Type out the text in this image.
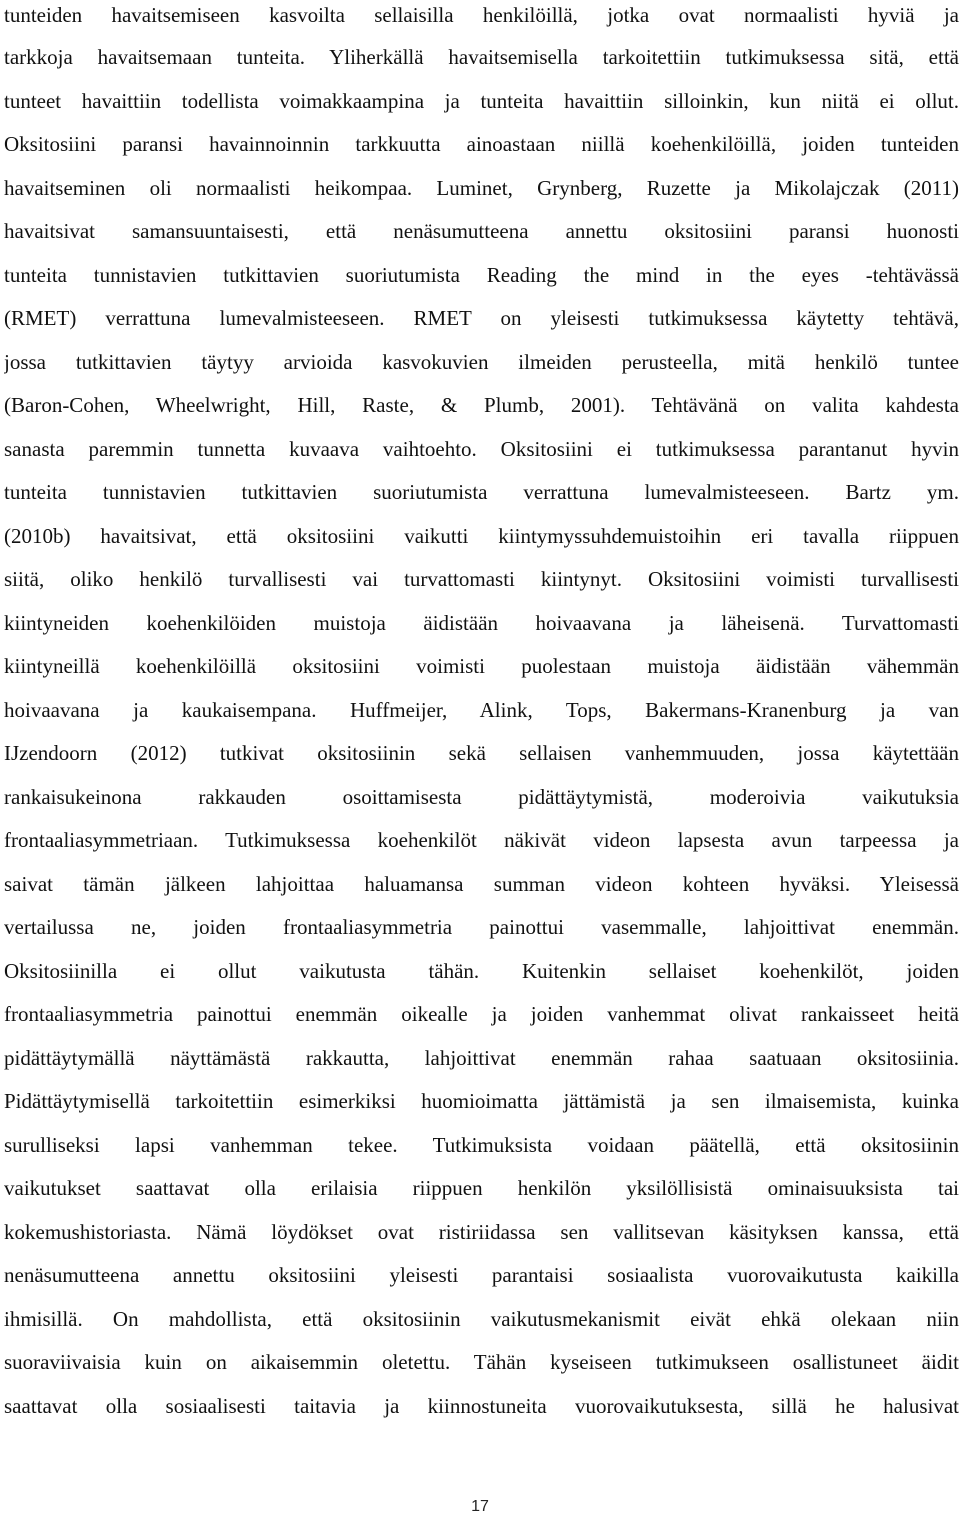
tunteiden havaitsemiseen kasvoilta sellaisilla henkilöillä, jotka ovat normaalisti hyviä ja
tarkkoja havaitsemaan tunteita. Yliherkällä havaitsemisella tarkoitettiin tutkimuksessa sitä, että
tunteet havaittiin todellista voimakkaampina ja tunteita havaittiin silloinkin, kun niitä ei ollut.
Oksitosiini paransi havainnoinnin tarkkuutta ainoastaan niillä koehenkilöillä, joiden tunteiden
havaitseminen oli normaalisti heikompaa. Luminet, Grynberg, Ruzette ja Mikolajczak (2011)
havaitsivat samansuuntaisesti, että nenäsumutteena annettu oksitosiini paransi huonosti
tunteita tunnistavien tutkittavien suoriutumista Reading the mind in the eyes -tehtävässä
(RMET) verrattuna lumevalmisteeseen. RMET on yleisesti tutkimuksessa käytetty tehtävä,
jossa tutkittavien täytyy arvioida kasvokuvien ilmeiden perusteella, mitä henkilö tuntee
(Baron-Cohen, Wheelwright, Hill, Raste, & Plumb, 2001). Tehtävänä on valita kahdesta
sanasta paremmin tunnetta kuvaava vaihtoehto. Oksitosiini ei tutkimuksessa parantanut hyvin
tunteita tunnistavien tutkittavien suoriutumista verrattuna lumevalmisteeseen. Bartz ym.
(2010b) havaitsivat, että oksitosiini vaikutti kiintymyssuhdemuistoihin eri tavalla riippuen
siitä, oliko henkilö turvallisesti vai turvattomasti kiintynyt. Oksitosiini voimisti turvallisesti
kiintyneiden koehenkilöiden muistoja äidistään hoivaavana ja läheisenä. Turvattomasti
kiintyneillä koehenkilöillä oksitosiini voimisti puolestaan muistoja äidistään vähemmän
hoivaavana ja kaukaisempana. Huffmeijer, Alink, Tops, Bakermans-Kranenburg ja van
IJzendoorn (2012) tutkivat oksitosiinin sekä sellaisen vanhemmuuden, jossa käytettään
rankaisukeinona rakkauden osoittamisesta pidättäytymistä, moderoivia vaikutuksia
frontaaliasymmetriaan. Tutkimuksessa koehenkilöt näkivät videon lapsesta avun tarpeessa ja
saivat tämän jälkeen lahjoittaa haluamansa summan videon kohteen hyväksi. Yleisessä
vertailussa ne, joiden frontaaliasymmetria painottui vasemmalle, lahjoittivat enemmän.
Oksitosiinilla ei ollut vaikutusta tähän. Kuitenkin sellaiset koehenkilöt, joiden
frontaaliasymmetria painottui enemmän oikealle ja joiden vanhemmat olivat rankaisseet heitä
pidättäytymällä näyttämästä rakkautta, lahjoittivat enemmän rahaa saatuaan oksitosiinia.
Pidättäytymisellä tarkoitettiin esimerkiksi huomioimatta jättämistä ja sen ilmaisemista, kuinka
surulliseksi lapsi vanhemman tekee. Tutkimuksista voidaan päätellä, että oksitosiinin
vaikutukset saattavat olla erilaisia riippuen henkilön yksilöllisistä ominaisuuksista tai
kokemushistoriasta. Nämä löydökset ovat ristiriidassa sen vallitsevan käsityksen kanssa, että
nenäsumutteena annettu oksitosiini yleisesti parantaisi sosiaalista vuorovaikutusta kaikilla
ihmisillä. On mahdollista, että oksitosiinin vaikutusmekanismit eivät ehkä olekaan niin
suoraviivaisia kuin on aikaisemmin oletettu. Tähän kyseiseen tutkimukseen osallistuneet äidit
saattavat olla sosiaalisesti taitavia ja kiinnostuneita vuorovaikutuksesta, sillä he halusivat
17
